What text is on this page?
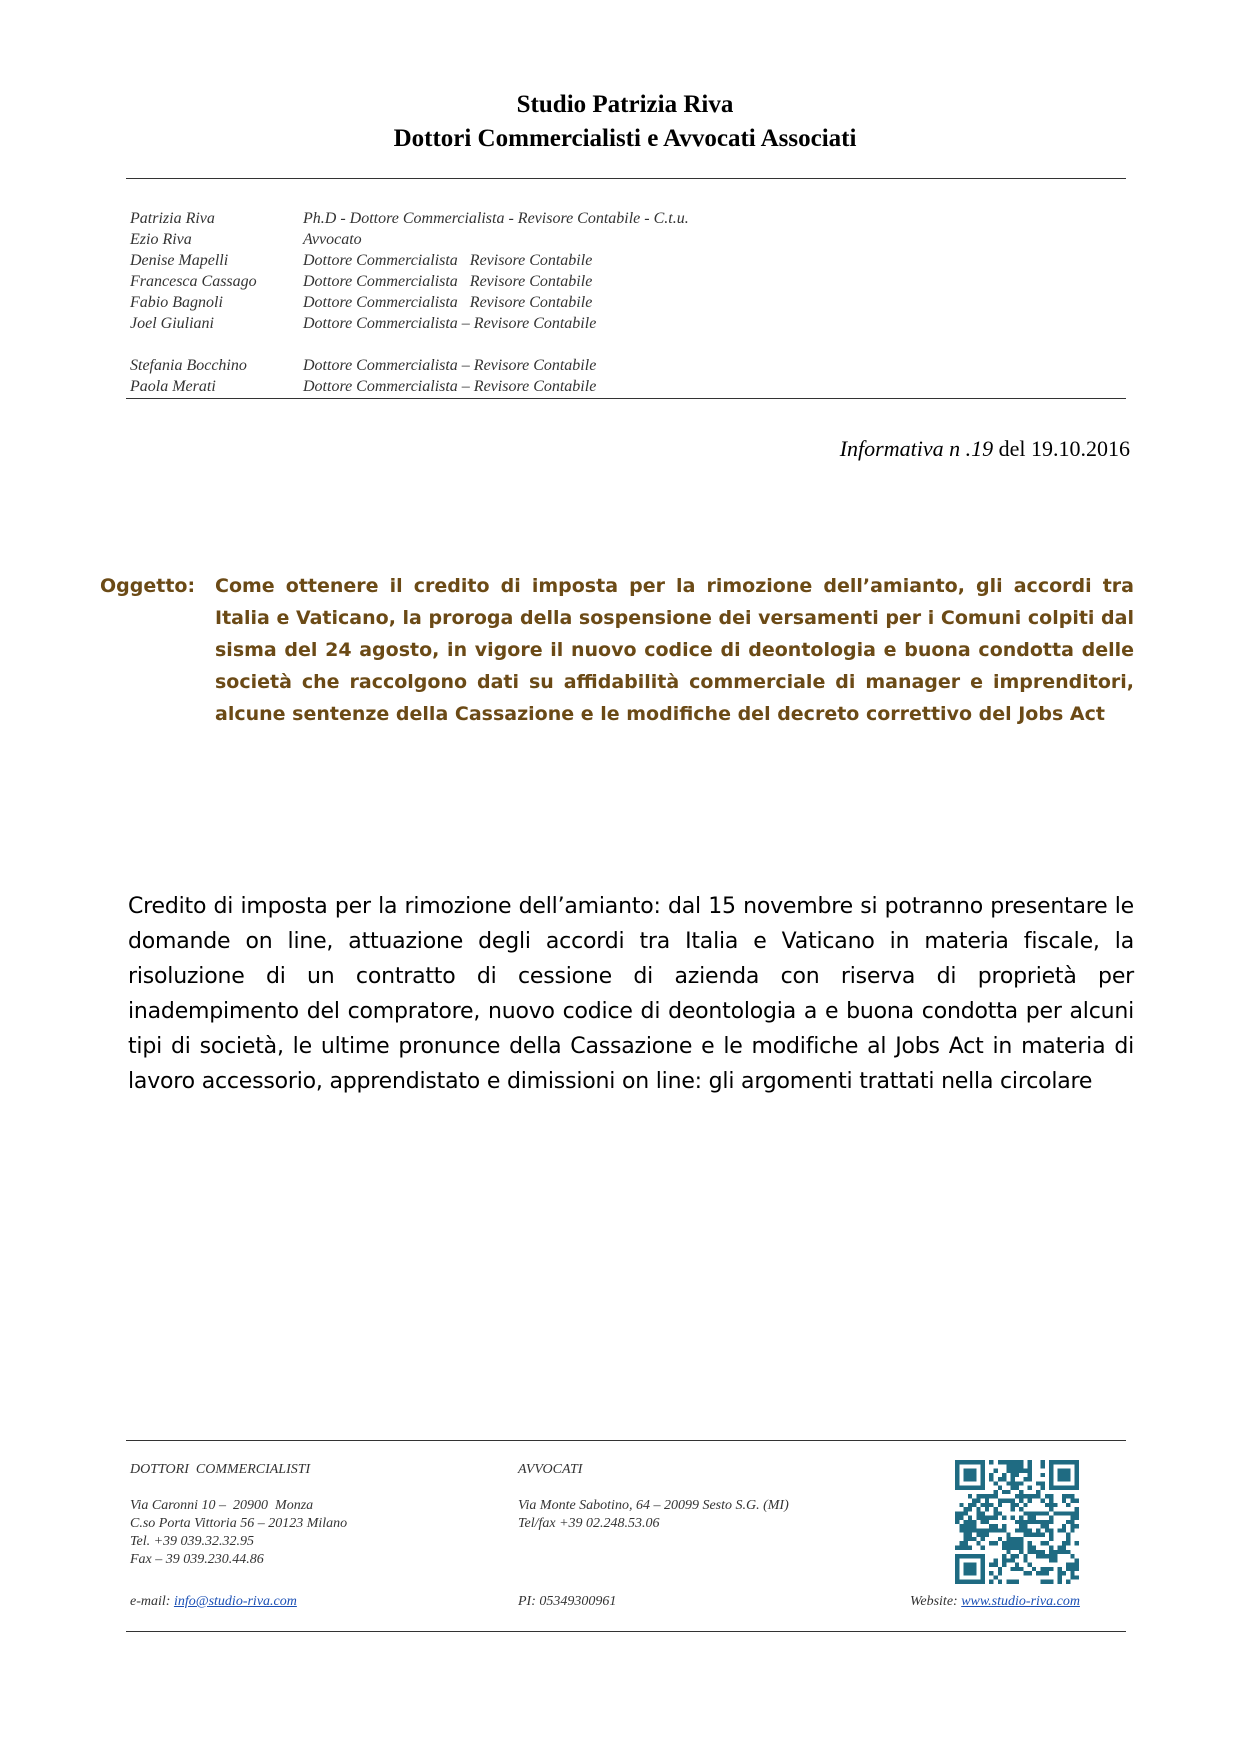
Studio Patrizia Riva
Dottori Commercialisti e Avvocati Associati
Patrizia Riva	Ph.D - Dottore Commercialista - Revisore Contabile - C.t.u.
Ezio Riva	Avvocato
Denise Mapelli	Dottore Commercialista   Revisore Contabile
Francesca Cassago	Dottore Commercialista   Revisore Contabile
Fabio Bagnoli	Dottore Commercialista   Revisore Contabile
Joel Giuliani	Dottore Commercialista – Revisore Contabile
Stefania Bocchino	Dottore Commercialista – Revisore Contabile
Paola Merati	Dottore Commercialista – Revisore Contabile
Informativa n .19 del 19.10.2016
Oggetto: Come ottenere il credito di imposta per la rimozione dell’amianto, gli accordi tra Italia e Vaticano, la proroga della sospensione dei versamenti per i Comuni colpiti dal sisma del 24 agosto, in vigore il nuovo codice di deontologia e buona condotta delle società che raccolgono dati su affidabilità commerciale di manager e imprenditori, alcune sentenze della Cassazione e le modifiche del decreto correttivo del Jobs Act
Credito di imposta per la rimozione dell’amianto: dal 15 novembre si potranno presentare le domande on line, attuazione degli accordi tra Italia e Vaticano in materia fiscale, la risoluzione di un contratto di cessione di azienda con riserva di proprietà per inadempimento del compratore, nuovo codice di deontologia a e buona condotta per alcuni tipi di società, le ultime pronunce della Cassazione e le modifiche al Jobs Act in materia di lavoro accessorio, apprendistato e dimissioni on line: gli argomenti trattati nella circolare
DOTTORI  COMMERCIALISTI
Via Caronni 10 –  20900  Monza
C.so Porta Vittoria 56 – 20123 Milano
Tel. +39 039.32.32.95
Fax – 39 039.230.44.86
e-mail: info@studio-riva.com
AVVOCATI
Via Monte Sabotino, 64 – 20099 Sesto S.G. (MI)
Tel/fax +39 02.248.53.06
PI: 05349300961	Website: www.studio-riva.com
